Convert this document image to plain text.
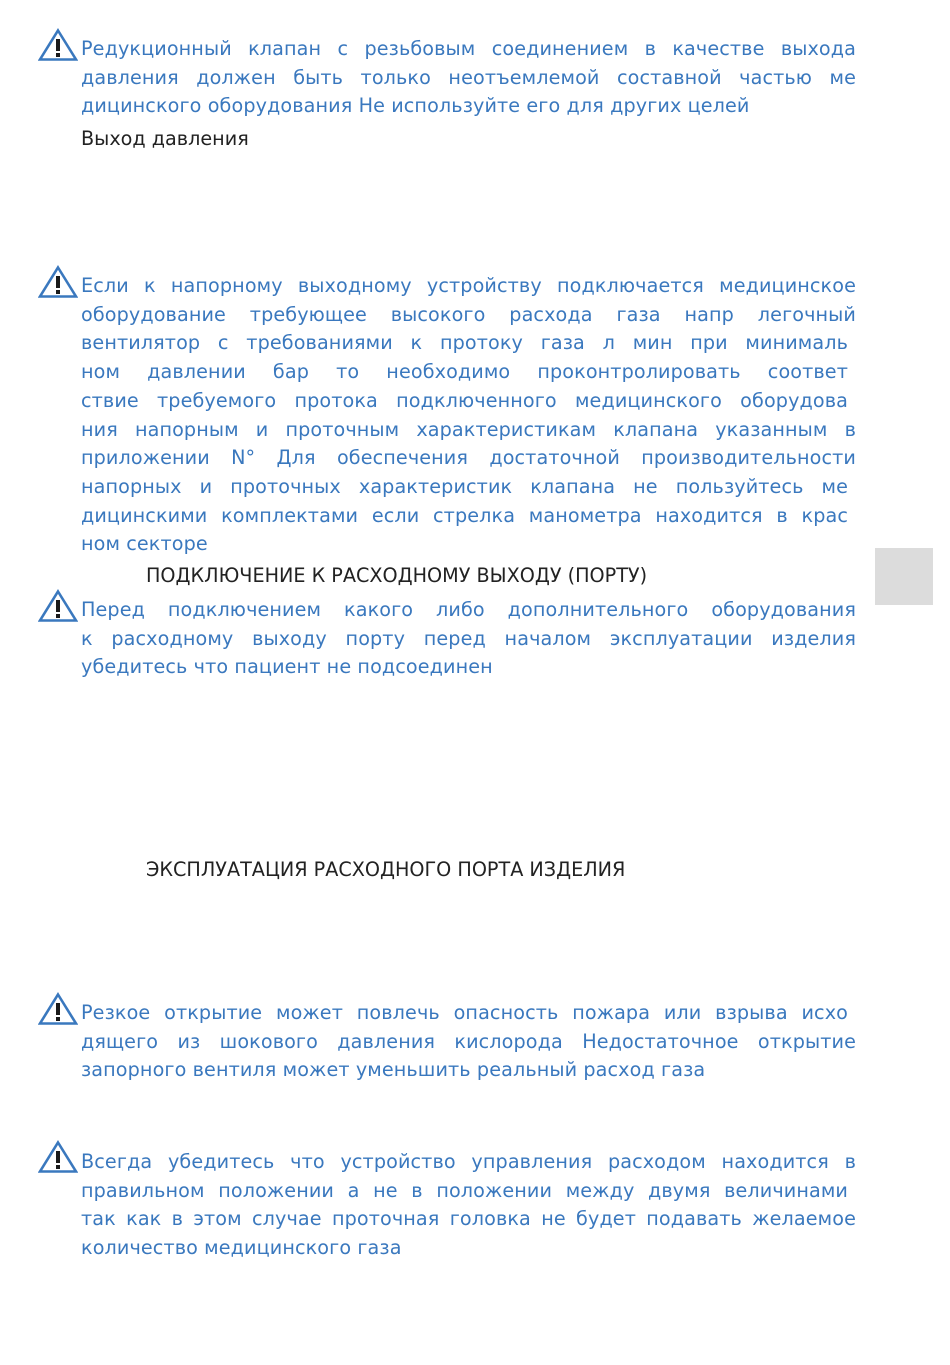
Редукционный клапан с резьбовым соединением в качестве выхода
давления должен быть только неотъемлемой составной частью ме
дицинского оборудования Не используйте его для других целей
Выход давления
Если к напорному выходному устройству подключается медицинское
оборудование требующее высокого расхода газа напр легочный
вентилятор с требованиями к протоку газа л мин при минималь
ном давлении бар то необходимо проконтролировать соответ
ствие требуемого протока подключенного медицинского оборудова
ния напорным и проточным характеристикам клапана указанным в
приложении N° Для обеспечения достаточной производительности
напорных и проточных характеристик клапана не пользуйтесь ме
дицинскими комплектами если стрелка манометра находится в крас
ном секторе
ПОДКЛЮЧЕНИЕ К РАСХОДНОМУ ВЫХОДУ (ПОРТУ)
Перед подключением какого либо дополнительного оборудования
к расходному выходу порту перед началом эксплуатации изделия
убедитесь что пациент не подсоединен
ЭКСПЛУАТАЦИЯ РАСХОДНОГО ПОРТА ИЗДЕЛИЯ
Резкое открытие может повлечь опасность пожара или взрыва исхо
дящего из шокового давления кислорода Недостаточное открытие
запорного вентиля может уменьшить реальный расход газа
Всегда убедитесь что устройство управления расходом находится в
правильном положении а не в положении между двумя величинами
так как в этом случае проточная головка не будет подавать желаемое
количество медицинского газа
